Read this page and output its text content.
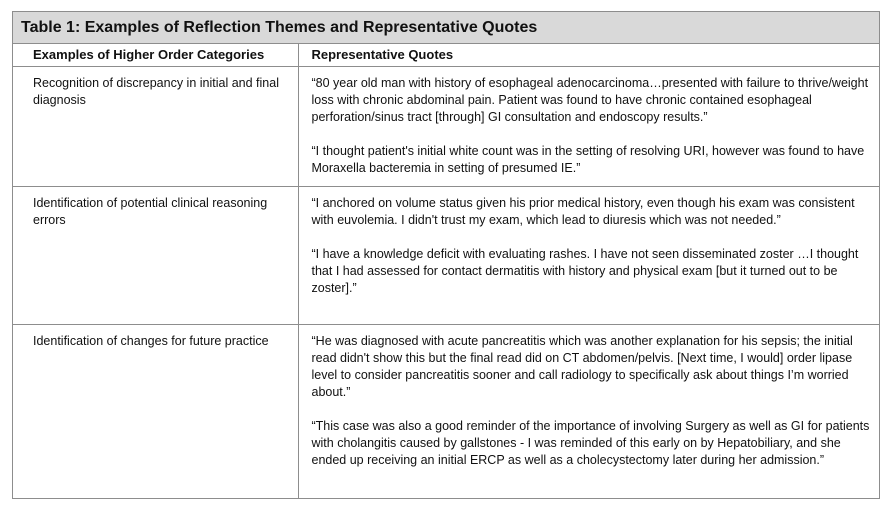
Table 1: Examples of Reflection Themes and Representative Quotes
Examples of Higher Order Categories	Representative Quotes
Recognition of discrepancy in initial and final diagnosis	“80 year old man with history of esophageal adenocarcinoma…presented with failure to thrive/weight loss with chronic abdominal pain. Patient was found to have chronic contained esophageal perforation/sinus tract [through] GI consultation and endoscopy results.”

“I thought patient's initial white count was in the setting of resolving URI, however was found to have Moraxella bacteremia in setting of presumed IE.”

Identification of potential clinical reasoning errors	“I anchored on volume status given his prior medical history, even though his exam was consistent with euvolemia. I didn't trust my exam, which lead to diuresis which was not needed.”

“I have a knowledge deficit with evaluating rashes. I have not seen disseminated zoster …I thought that I had assessed for contact dermatitis with history and physical exam [but it turned out to be zoster].”

Identification of changes for future practice	“He was diagnosed with acute pancreatitis which was another explanation for his sepsis; the initial read didn't show this but the final read did on CT abdomen/pelvis. [Next time, I would] order lipase level to consider pancreatitis sooner and call radiology to specifically ask about things I’m worried about.”

“This case was also a good reminder of the importance of involving Surgery as well as GI for patients with cholangitis caused by gallstones - I was reminded of this early on by Hepatobiliary, and she ended up receiving an initial ERCP as well as a cholecystectomy later during her admission.”
